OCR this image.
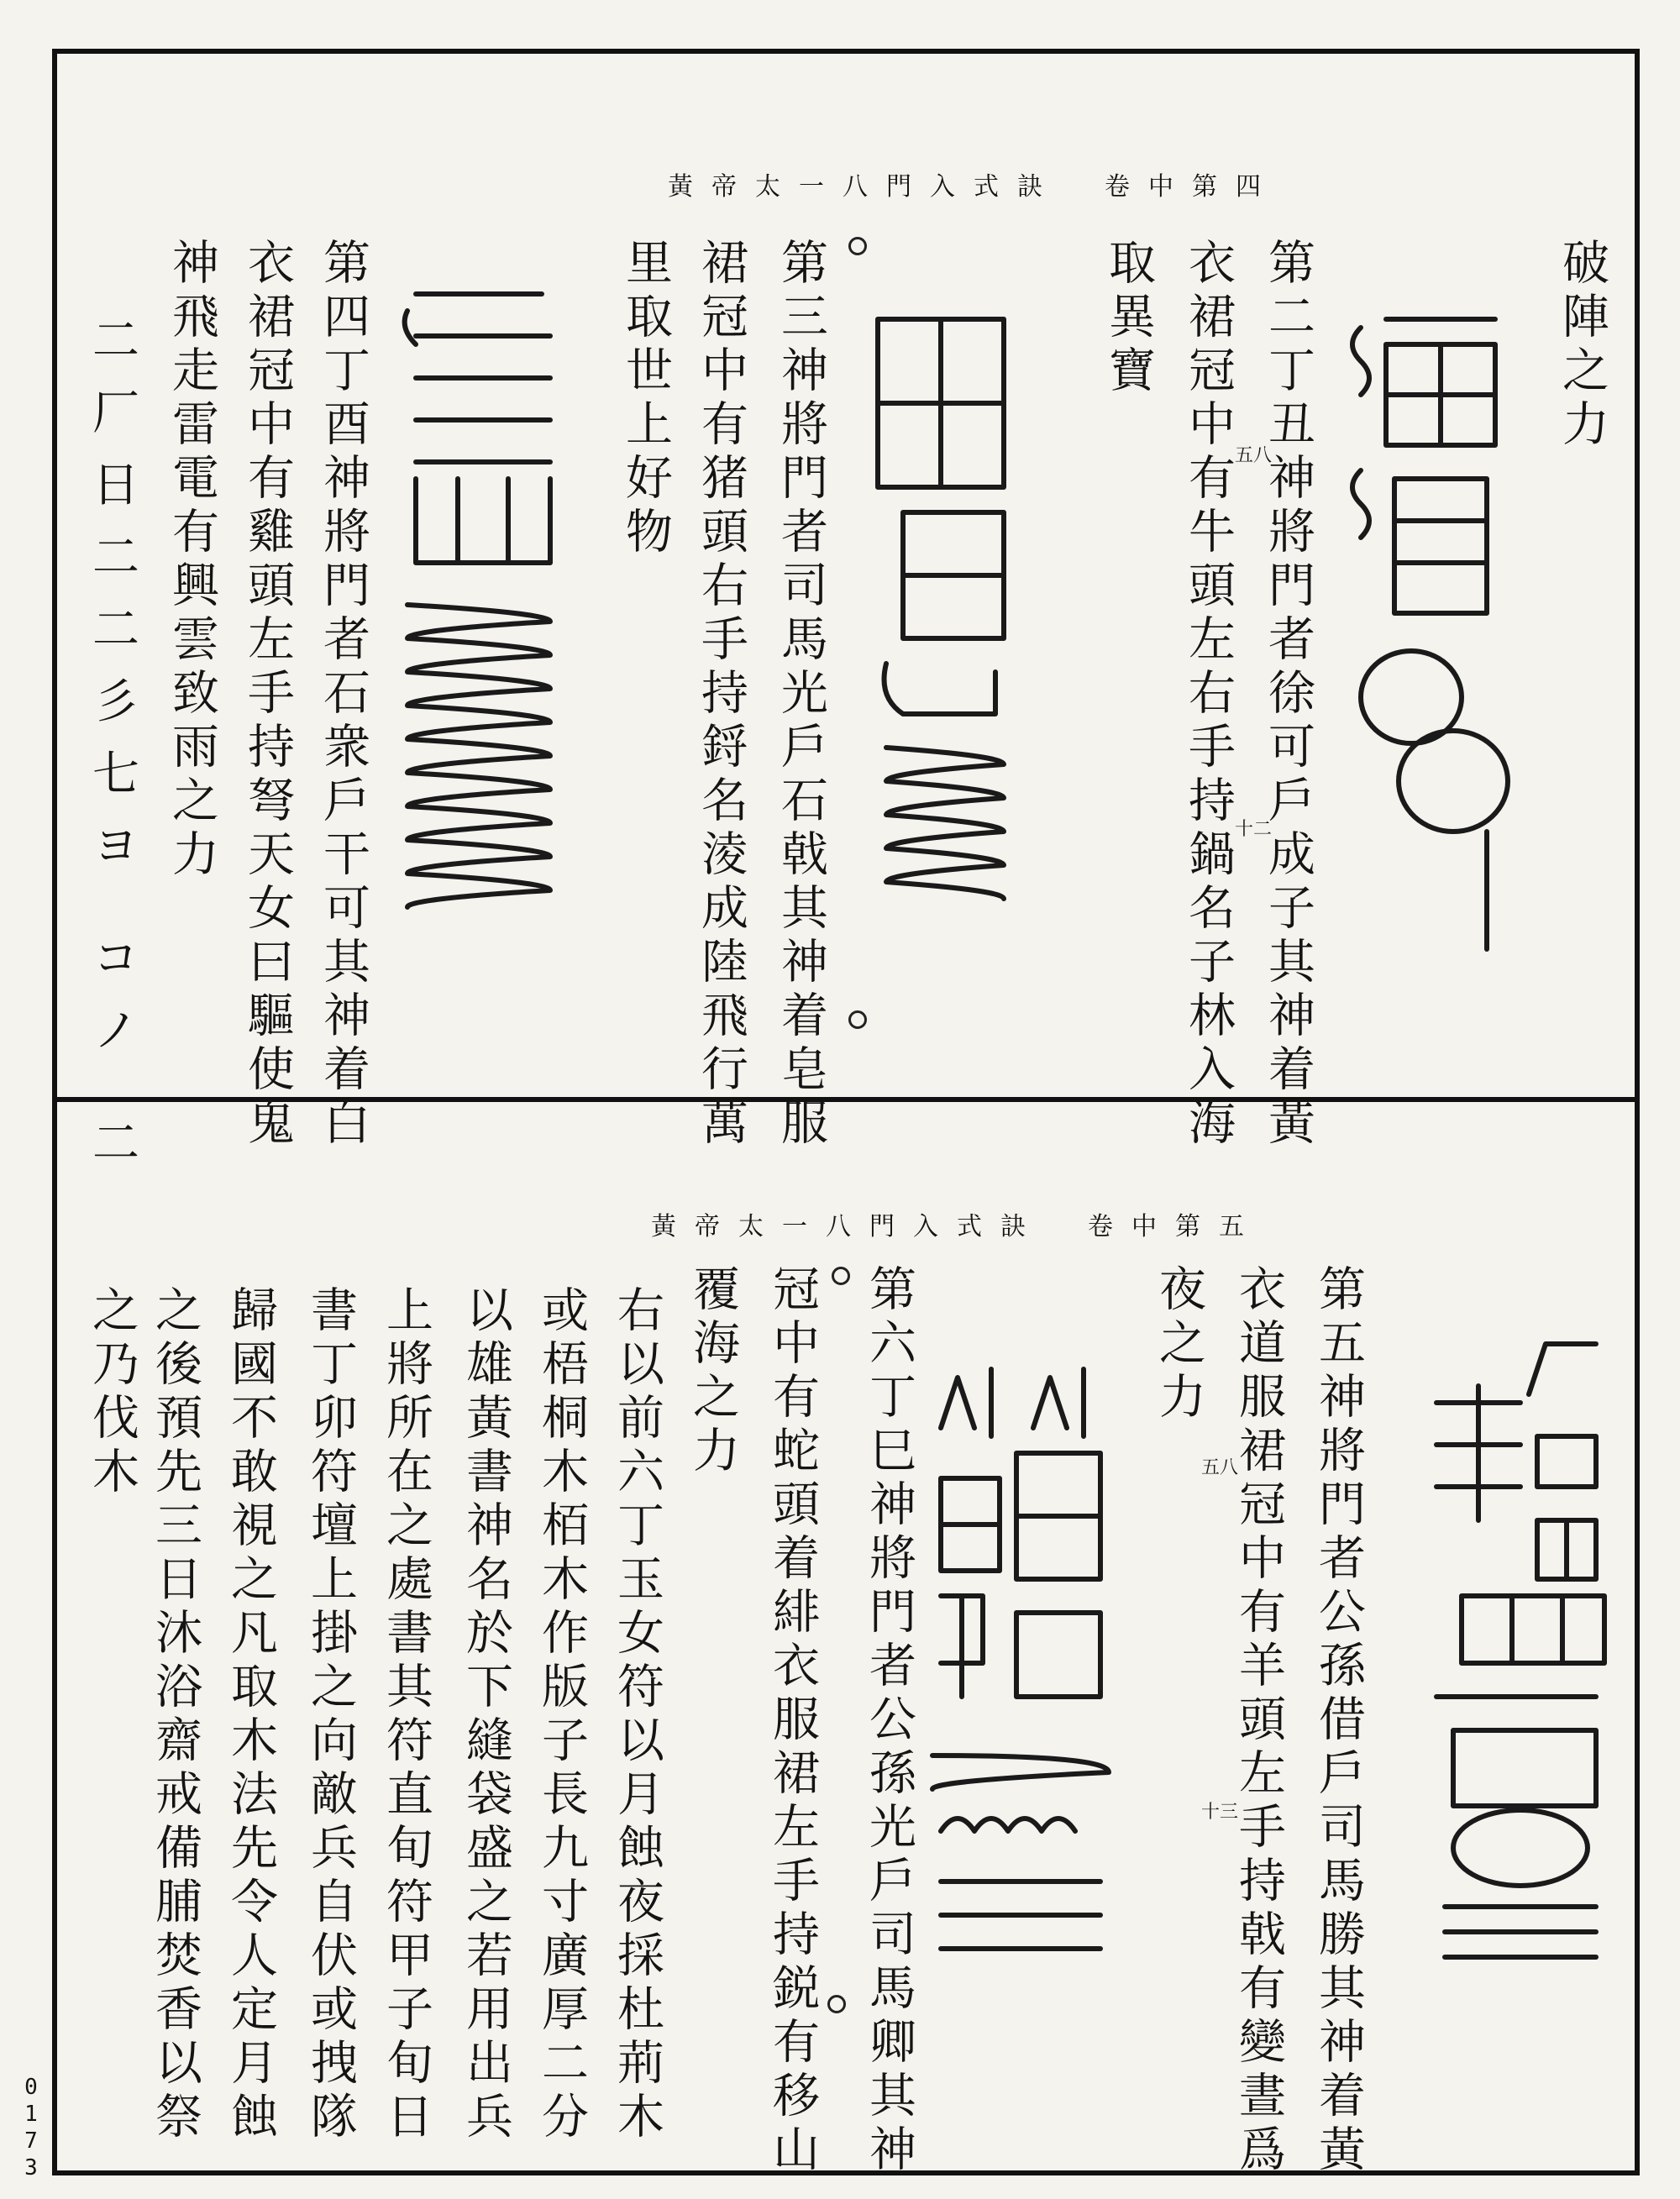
黃帝太一八門入式訣　卷中第四
破陣之力
第二丁丑神將門者徐可戶成子其神着黃
衣裙冠中有牛頭左右手持鍋名子林入海
取異寶
第三神將門者司馬光戶石戟其神着皂服
裙冠中有猪頭右手持鋝名淩成陸飛行萬
里取世上好物
第四丁酉神將門者石衆戶干可其神着白
衣裙冠中有雞頭左手持弩天女曰驅使鬼
神飛走雷電有興雲致雨之力
二厂日二二彡七ヨ コノ 二	五八
十二
黃帝太一八門入式訣　卷中第五
第五神將門者公孫借戶司馬勝其神着黃
衣道服裙冠中有羊頭左手持戟有變晝爲
夜之力
第六丁巳神將門者公孫光戶司馬卿其神
冠中有蛇頭着緋衣服裙左手持鋭有移山
覆海之力
右以前六丁玉女符以月蝕夜採杜荊木
或梧桐木栢木作版子長九寸廣厚二分
以雄黃書神名於下縫袋盛之若用出兵
上將所在之處書其符直旬符甲子旬日
書丁卯符壇上掛之向敵兵自伏或拽隊
歸國不敢視之凡取木法先令人定月蝕
之後預先三日沐浴齋戒備脯焚香以祭
之乃伐木	五八
十三
0173
